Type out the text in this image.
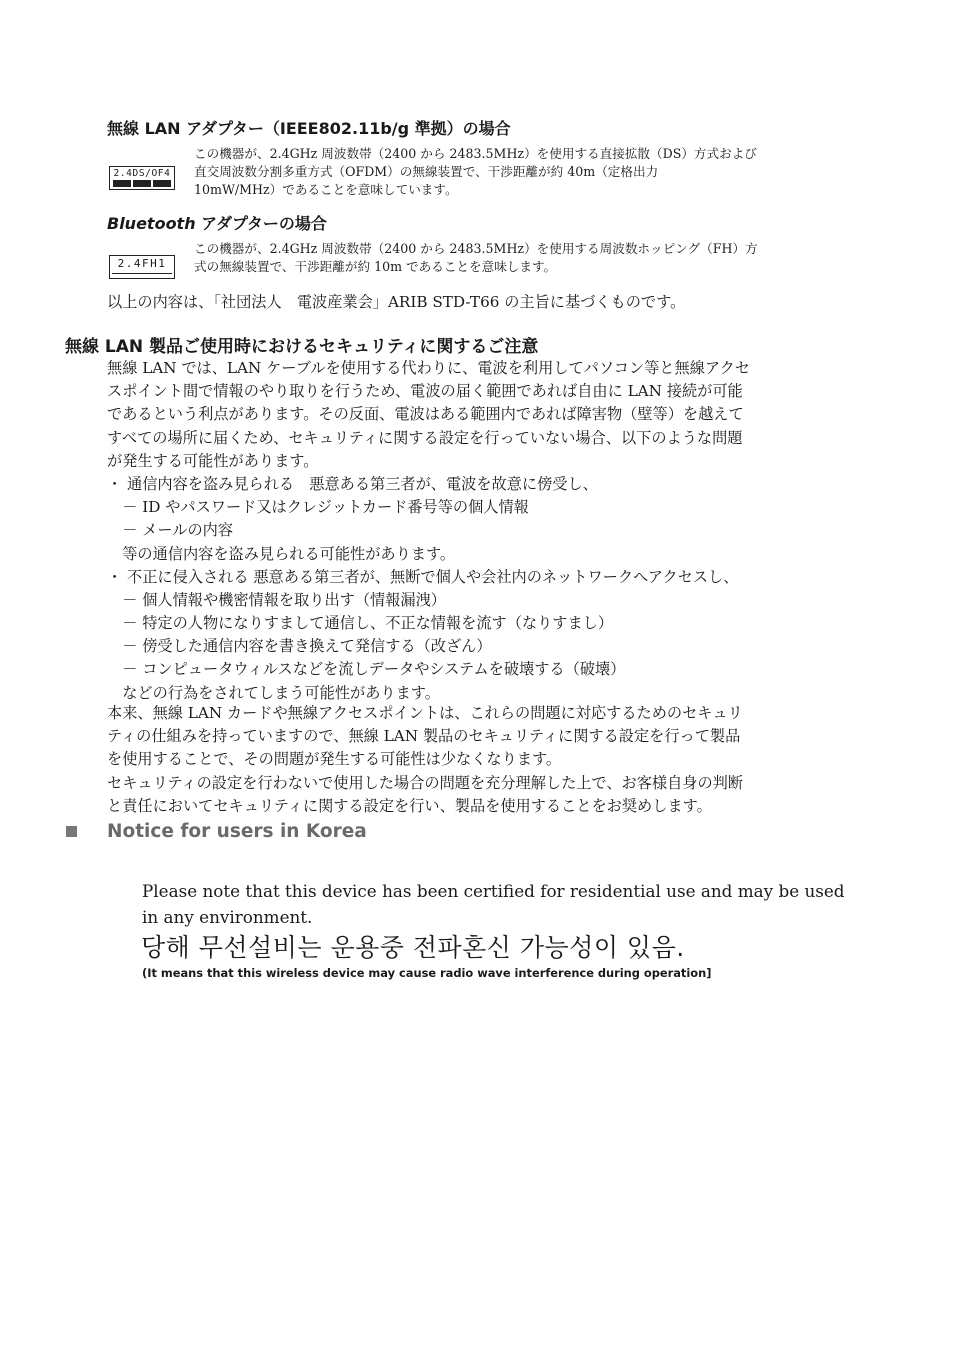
無線 LAN アダプター（IEEE802.11b/g 準拠）の場合
2.4DS/OF4
この機器が、2.4GHz 周波数帯（2400 から 2483.5MHz）を使用する直接拡散（DS）方式および
直交周波数分割多重方式（OFDM）の無線装置で、干渉距離が約 40m（定格出力
10mW/MHz）であることを意味しています。
Bluetooth アダプターの場合
2.4FH1
この機器が、2.4GHz 周波数帯（2400 から 2483.5MHz）を使用する周波数ホッピング（FH）方
式の無線装置で、干渉距離が約 10m であることを意味します。
以上の内容は、「社団法人　電波産業会」ARIB STD-T66 の主旨に基づくものです。
無線 LAN 製品ご使用時におけるセキュリティに関するご注意
無線 LAN では、LAN ケーブルを使用する代わりに、電波を利用してパソコン等と無線アクセ
スポイント間で情報のやり取りを行うため、電波の届く範囲であれば自由に LAN 接続が可能
であるという利点があります。その反面、電波はある範囲内であれば障害物（壁等）を越えて
すべての場所に届くため、セキュリティに関する設定を行っていない場合、以下のような問題
が発生する可能性があります。
・ 通信内容を盗み見られる　悪意ある第三者が、電波を故意に傍受し、
　－ ID やパスワード又はクレジットカード番号等の個人情報
　－ メールの内容
　等の通信内容を盗み見られる可能性があります。
・ 不正に侵入される 悪意ある第三者が、無断で個人や会社内のネットワークへアクセスし、
　－ 個人情報や機密情報を取り出す（情報漏洩）
　－ 特定の人物になりすまして通信し、不正な情報を流す（なりすまし）
　－ 傍受した通信内容を書き換えて発信する（改ざん）
　－ コンピュータウィルスなどを流しデータやシステムを破壊する（破壊）
　などの行為をされてしまう可能性があります。
本来、無線 LAN カードや無線アクセスポイントは、これらの問題に対応するためのセキュリ
ティの仕組みを持っていますので、無線 LAN 製品のセキュリティに関する設定を行って製品
を使用することで、その問題が発生する可能性は少なくなります。
セキュリティの設定を行わないで使用した場合の問題を充分理解した上で、お客様自身の判断
と責任においてセキュリティに関する設定を行い、製品を使用することをお奨めします。
Notice for users in Korea
Please note that this device has been certified for residential use and may be used in any environment.
당해 무선설비는 운용중 전파혼신 가능성이 있음.
(It means that this wireless device may cause radio wave interference during operation]
